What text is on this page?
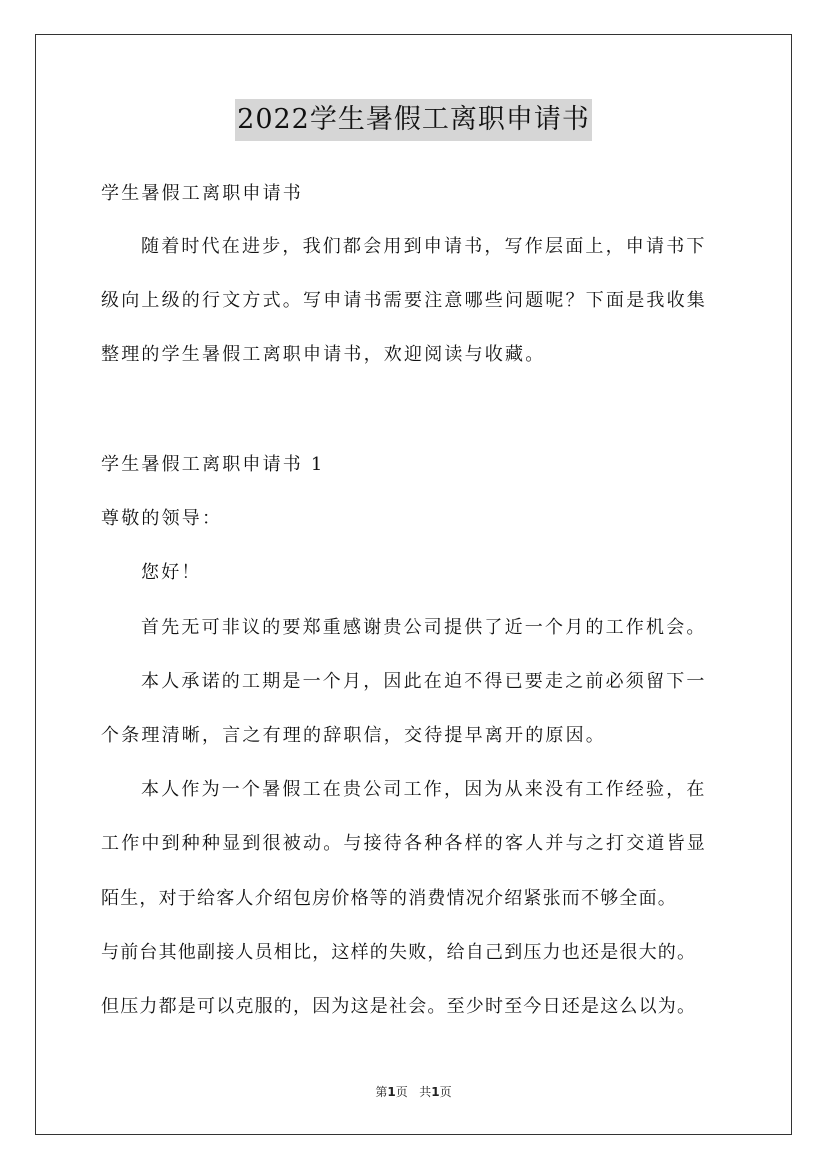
2022学生暑假工离职申请书

学生暑假工离职申请书

随着时代在进步，我们都会用到申请书，写作层面上，申请书下

级向上级的行文方式。写申请书需要注意哪些问题呢？下面是我收集

整理的学生暑假工离职申请书，欢迎阅读与收藏。

学生暑假工离职申请书 1

尊敬的领导：

您好！

首先无可非议的要郑重感谢贵公司提供了近一个月的工作机会。

本人承诺的工期是一个月，因此在迫不得已要走之前必须留下一

个条理清晰，言之有理的辞职信，交待提早离开的原因。

本人作为一个暑假工在贵公司工作，因为从来没有工作经验，在

工作中到种种显到很被动。与接待各种各样的客人并与之打交道皆显

陌生，对于给客人介绍包房价格等的消费情况介绍紧张而不够全面。

与前台其他副接人员相比，这样的失败，给自己到压力也还是很大的。

但压力都是可以克服的，因为这是社会。至少时至今日还是这么以为。

第1页 共1页
